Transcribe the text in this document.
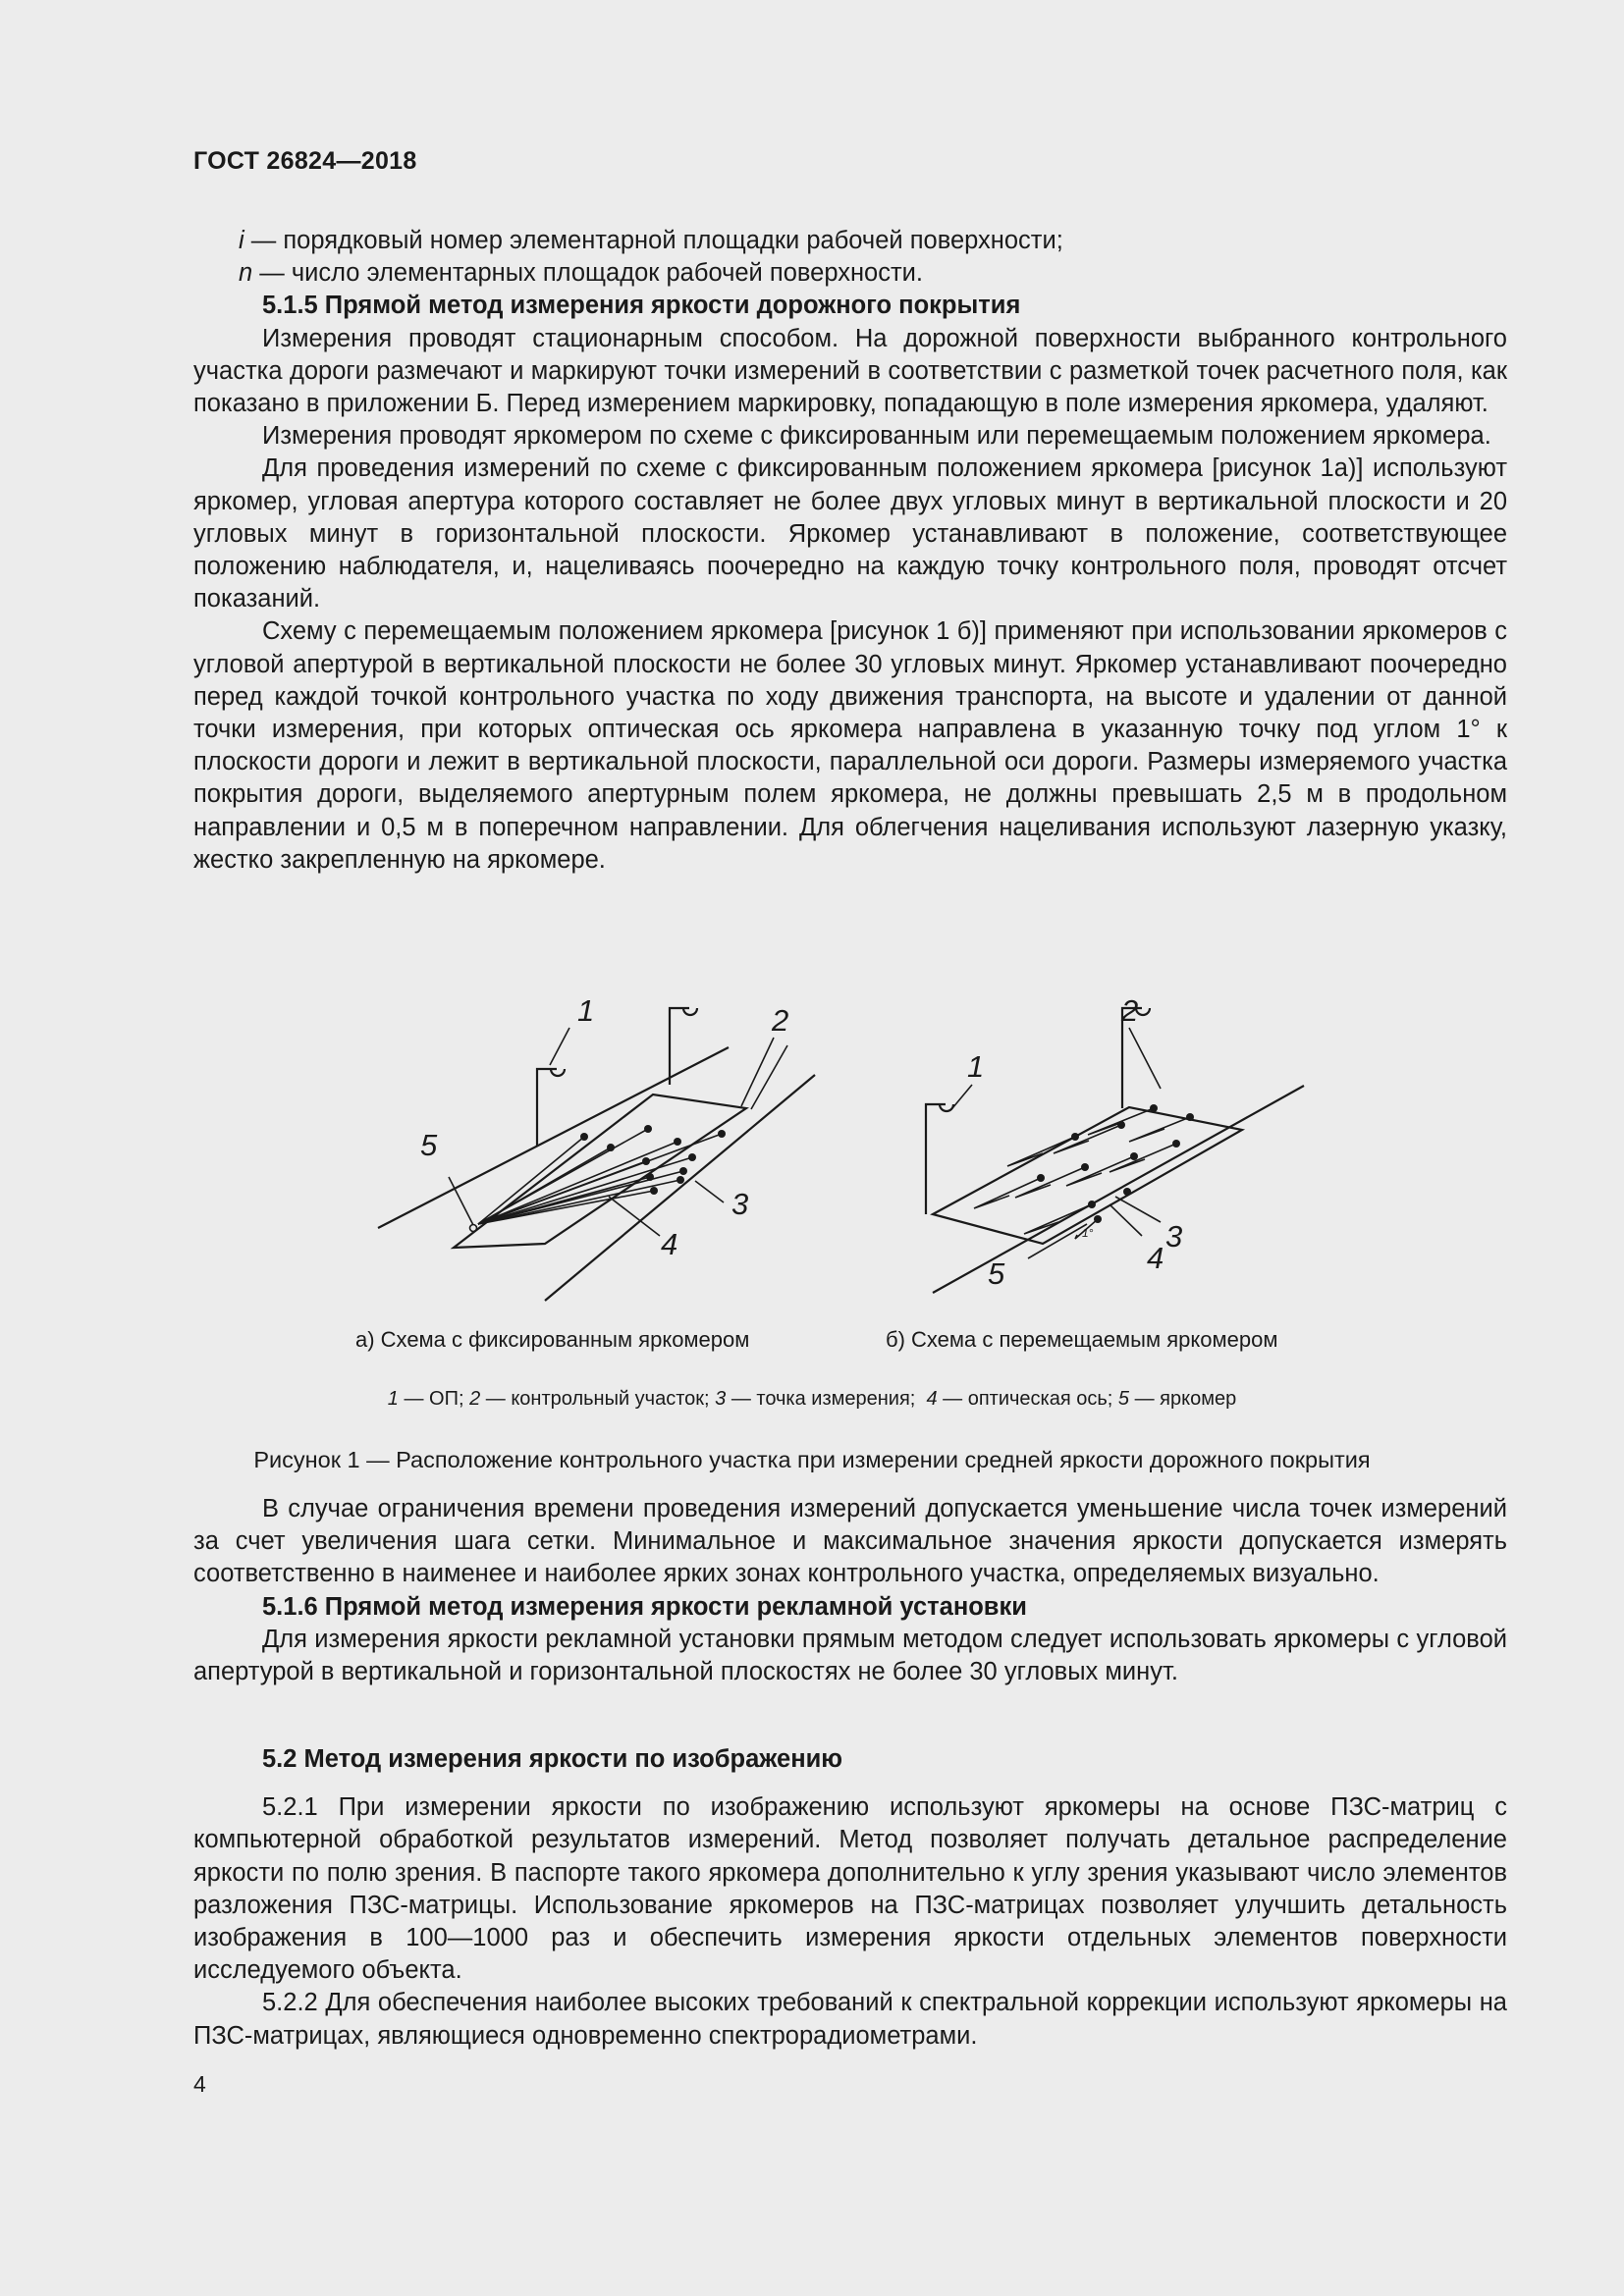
ГОСТ 26824—2018

i — порядковый номер элементарной площадки рабочей поверхности;

n — число элементарных площадок рабочей поверхности.

5.1.5 Прямой метод измерения яркости дорожного покрытия

Измерения проводят стационарным способом. На дорожной поверхности выбранного контрольного участка дороги размечают и маркируют точки измерений в соответствии с разметкой точек расчетного поля, как показано в приложении Б. Перед измерением маркировку, попадающую в поле измерения яркомера, удаляют.

Измерения проводят яркомером по схеме с фиксированным или перемещаемым положением яркомера.

Для проведения измерений по схеме с фиксированным положением яркомера [рисунок 1а)] используют яркомер, угловая апертура которого составляет не более двух угловых минут в вертикальной плоскости и 20 угловых минут в горизонтальной плоскости. Яркомер устанавливают в положение, соответствующее положению наблюдателя, и, нацеливаясь поочередно на каждую точку контрольного поля, проводят отсчет показаний.

Схему с перемещаемым положением яркомера [рисунок 1 б)] применяют при использовании яркомеров с угловой апертурой в вертикальной плоскости не более 30 угловых минут. Яркомер устанавливают поочередно перед каждой точкой контрольного участка по ходу движения транспорта, на высоте и удалении от данной точки измерения, при которых оптическая ось яркомера направлена в указанную точку под углом 1° к плоскости дороги и лежит в вертикальной плоскости, параллельной оси дороги. Размеры измеряемого участка покрытия дороги, выделяемого апертурным полем яркомера, не должны превышать 2,5 м в продольном направлении и 0,5 м в поперечном направлении. Для облегчения нацеливания используют лазерную указку, жестко закрепленную на яркомере.

1	2
3
4
5
1
2
3
4
5
1°
а) Схема с фиксированным яркомером	б) Схема с перемещаемым яркомером
1 — ОП; 2 — контрольный участок; 3 — точка измерения;  4 — оптическая ось; 5 — яркомер
Рисунок 1 — Расположение контрольного участка при измерении средней яркости дорожного покрытия

В случае ограничения времени проведения измерений допускается уменьшение числа точек измерений за счет увеличения шага сетки. Минимальное и максимальное значения яркости допускается измерять соответственно в наименее и наиболее ярких зонах контрольного участка, определяемых визуально.

5.1.6 Прямой метод измерения яркости рекламной установки

Для измерения яркости рекламной установки прямым методом следует использовать яркомеры с угловой апертурой в вертикальной и горизонтальной плоскостях не более 30 угловых минут.

5.2 Метод измерения яркости по изображению

5.2.1 При измерении яркости по изображению используют яркомеры на основе ПЗС-матриц с компьютерной обработкой результатов измерений. Метод позволяет получать детальное распределение яркости по полю зрения. В паспорте такого яркомера дополнительно к углу зрения указывают число элементов разложения ПЗС-матрицы. Использование яркомеров на ПЗС-матрицах позволяет улучшить детальность изображения в 100—1000 раз и обеспечить измерения яркости отдельных элементов поверхности исследуемого объекта.

5.2.2 Для обеспечения наиболее высоких требований к спектральной коррекции используют яркомеры на ПЗС-матрицах, являющиеся одновременно спектрорадиометрами.

4
